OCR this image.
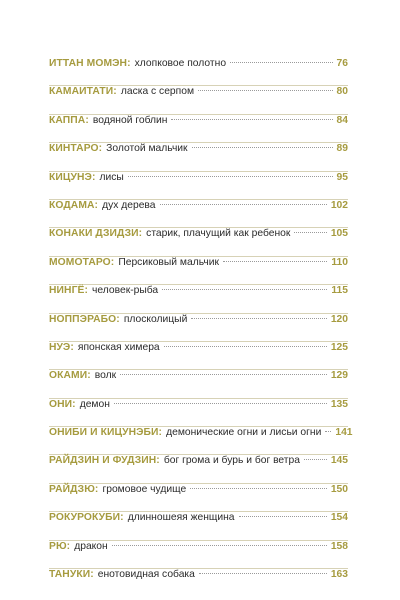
ИТТАН МОМЭН: хлопковое полотно	76
КАМАИТАТИ: ласка с серпом	80
КАППА: водяной гоблин	84
КИНТАРО: Золотой мальчик	89
КИЦУНЭ: лисы	95
КОДАМА: дух дерева	102
КОНАКИ ДЗИДЗИ: старик, плачущий как ребенок	105
МОМОТАРО: Персиковый мальчик	110
НИНГЁ: человек-рыба	115
НОППЭРАБО: плосколицый	120
НУЭ: японская химера	125
ОКАМИ: волк	129
ОНИ: демон	135
ОНИБИ И КИЦУНЭБИ: демонические огни и лисьи огни 141
РАЙДЗИН И ФУДЗИН: бог грома и бурь и бог ветра	145
РАЙДЗЮ: громовое чудище	150
РОКУРОКУБИ: длинношеяя женщина	154
РЮ: дракон	158
ТАНУКИ: енотовидная собака	163
